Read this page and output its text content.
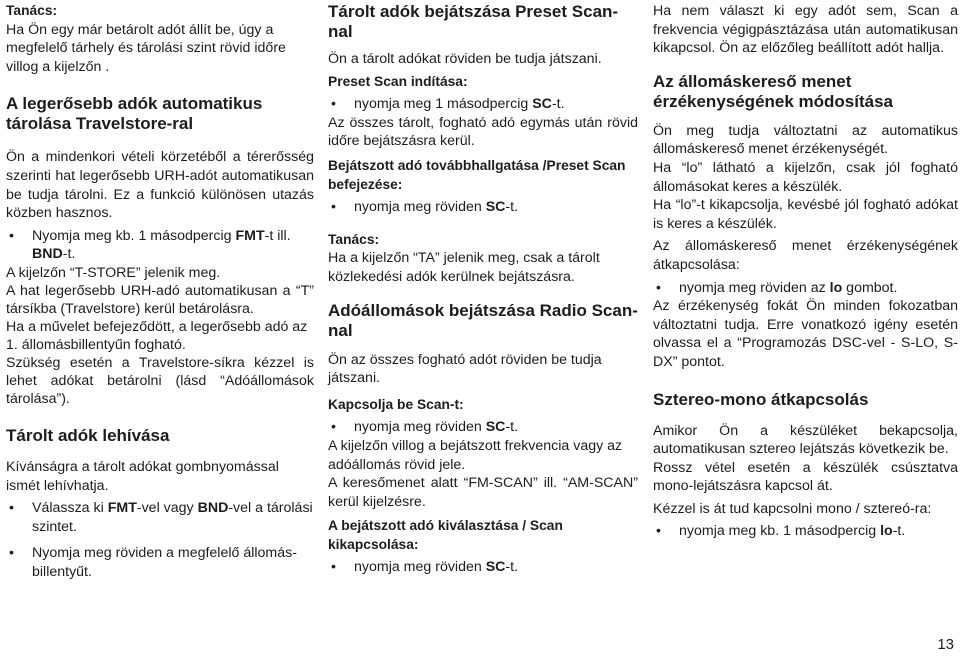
Tanács:

Ha Ön egy már betárolt adót állít be, úgy a megfelelő tárhely és tárolási szint rövid időre villog a kijelzőn .

A legerősebb adók automatikus tárolása Travelstore-ral

Ön a mindenkori vételi körzetéből a térerősség szerinti hat legerősebb URH-adót automatikusan be tudja tárolni. Ez a funkció különösen utazás közben hasznos.

•	Nyomja meg kb. 1 másodpercig FMT-t ill. BND-t.

A kijelzőn “T-STORE” jelenik meg.

A hat legerősebb URH-adó automatikusan a “T” társíkba (Travelstore) kerül betárolásra.

Ha a művelet befejeződött, a legerősebb adó az 1. állomásbillentyűn fogható.

Szükség esetén a Travelstore-síkra kézzel is lehet adókat betárolni (lásd “Adóállomások tárolása”).

Tárolt adók lehívása

Kívánságra a tárolt adókat gombnyomással ismét lehívhatja.

•	Válassza ki FMT-vel vagy BND-vel a tárolási szintet.
•	Nyomja meg röviden a megfelelő állomás-billentyűt.
Tárolt adók bejátszása Preset Scan-nal

Ön a tárolt adókat röviden be tudja játszani.

Preset Scan indítása:
•	nyomja meg 1 másodpercig SC-t.

Az összes tárolt, fogható adó egymás után rövid időre bejátszásra kerül.

Bejátszott adó továbbhallgatása /Preset Scan befejezése:
•	nyomja meg röviden SC-t.
Tanács:

Ha a kijelzőn “TA” jelenik meg, csak a tárolt közlekedési adók kerülnek bejátszásra.

Adóállomások bejátszása Radio Scan-nal

Ön az összes fogható adót röviden be tudja játszani.

Kapcsolja be Scan-t:
•	nyomja meg röviden SC-t.

A kijelzőn villog a bejátszott frekvencia vagy az adóállomás rövid jele.

A keresőmenet alatt “FM-SCAN” ill. “AM-SCAN” kerül kijelzésre.

A bejátszott adó kiválasztása / Scan kikapcsolása:
•	nyomja meg röviden SC-t.

Ha nem választ ki egy adót sem, Scan a frekvencia végigpásztázása után automatikusan kikapcsol. Ön az előzőleg beállított adót hallja.

Az állomáskereső menet érzékenységének módosítása

Ön meg tudja változtatni az automatikus állomáskereső menet érzékenységét.

Ha “lo” látható a kijelzőn, csak jól fogható állomásokat keres a készülék.

Ha “lo”-t kikapcsolja, kevésbé jól fogható adókat is keres a készülék.

Az állomáskereső menet érzékenységének átkapcsolása:

•	nyomja meg röviden az lo gombot.

Az érzékenység fokát Ön minden fokozatban változtatni tudja. Erre vonatkozó igény esetén olvassa el a “Programozás DSC-vel - S-LO, S-DX” pontot.

Sztereo-mono átkapcsolás

Amikor Ön a készüléket bekapcsolja, automatikusan sztereo lejátszás következik be.

Rossz vétel esetén a készülék csúsztatva mono-lejátszásra kapcsol át.

Kézzel is át tud kapcsolni mono / sztereó-ra:

•	nyomja meg kb. 1 másodpercig lo-t.
13
